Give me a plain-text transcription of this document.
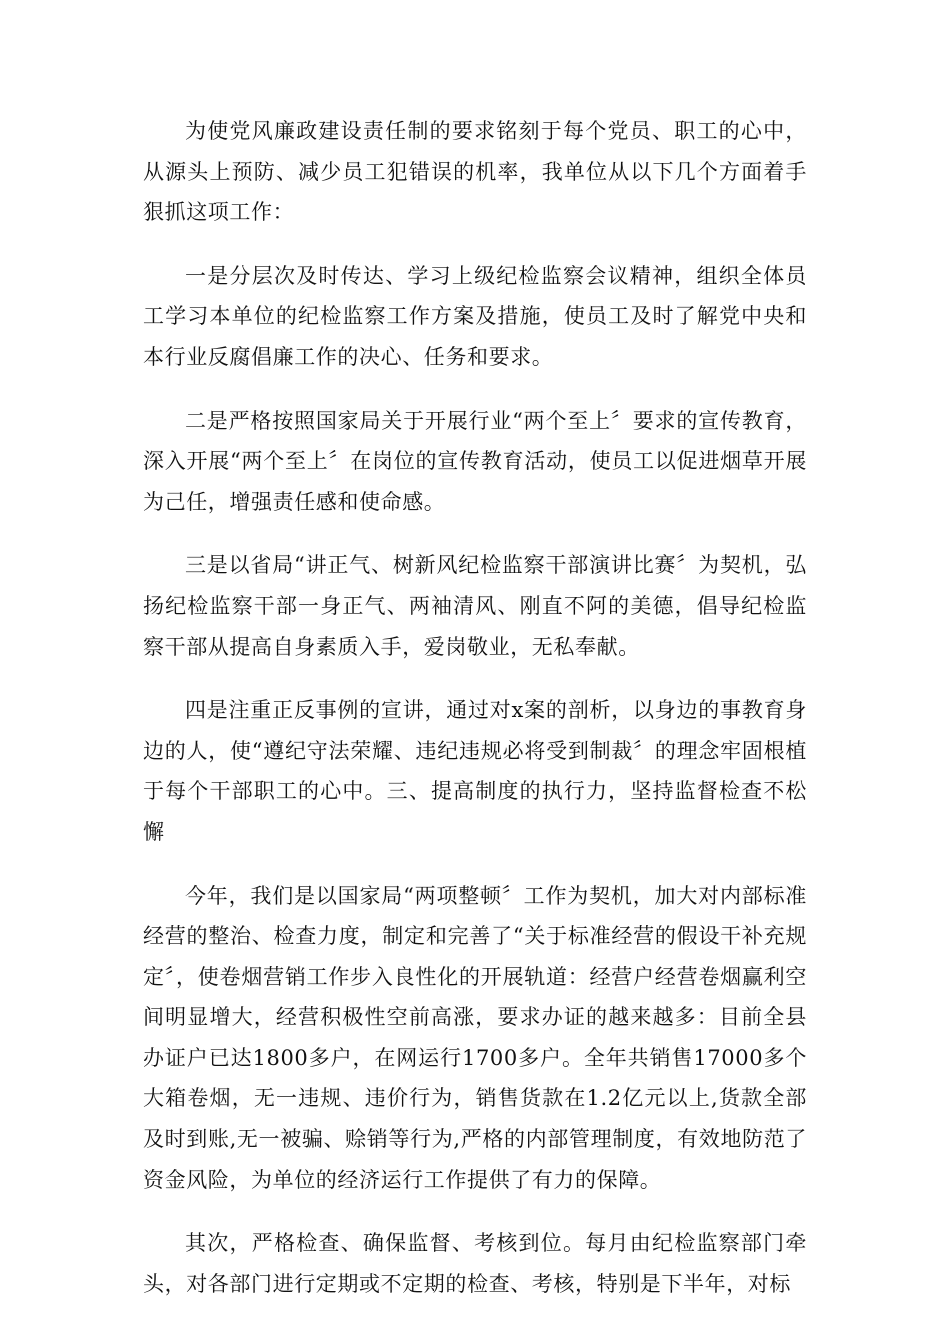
为使党风廉政建设责任制的要求铭刻于每个党员、职工的心中，从源头上预防、减少员工犯错误的机率，我单位从以下几个方面着手狠抓这项工作：

一是分层次及时传达、学习上级纪检监察会议精神，组织全体员工学习本单位的纪检监察工作方案及措施，使员工及时了解党中央和本行业反腐倡廉工作的决心、任务和要求。

二是严格按照国家局关于开展行业“两个至上〞要求的宣传教育，深入开展“两个至上〞在岗位的宣传教育活动，使员工以促进烟草开展为己任，增强责任感和使命感。

三是以省局“讲正气、树新风纪检监察干部演讲比赛〞为契机，弘扬纪检监察干部一身正气、两袖清风、刚直不阿的美德，倡导纪检监察干部从提高自身素质入手，爱岗敬业，无私奉献。

四是注重正反事例的宣讲，通过对x案的剖析，以身边的事教育身边的人，使“遵纪守法荣耀、违纪违规必将受到制裁〞的理念牢固根植于每个干部职工的心中。三、提高制度的执行力，坚持监督检查不松懈

今年，我们是以国家局“两项整顿〞工作为契机，加大对内部标准经营的整治、检查力度，制定和完善了“关于标准经营的假设干补充规定〞，使卷烟营销工作步入良性化的开展轨道：经营户经营卷烟赢利空间明显增大，经营积极性空前高涨，要求办证的越来越多：目前全县办证户已达1800多户，在网运行1700多户。全年共销售17000多个大箱卷烟，无一违规、违价行为，销售货款在1.2亿元以上,货款全部及时到账,无一被骗、赊销等行为,严格的内部管理制度，有效地防范了资金风险，为单位的经济运行工作提供了有力的保障。

其次，严格检查、确保监督、考核到位。每月由纪检监察部门牵头，对各部门进行定期或不定期的检查、考核，特别是下半年，对标
